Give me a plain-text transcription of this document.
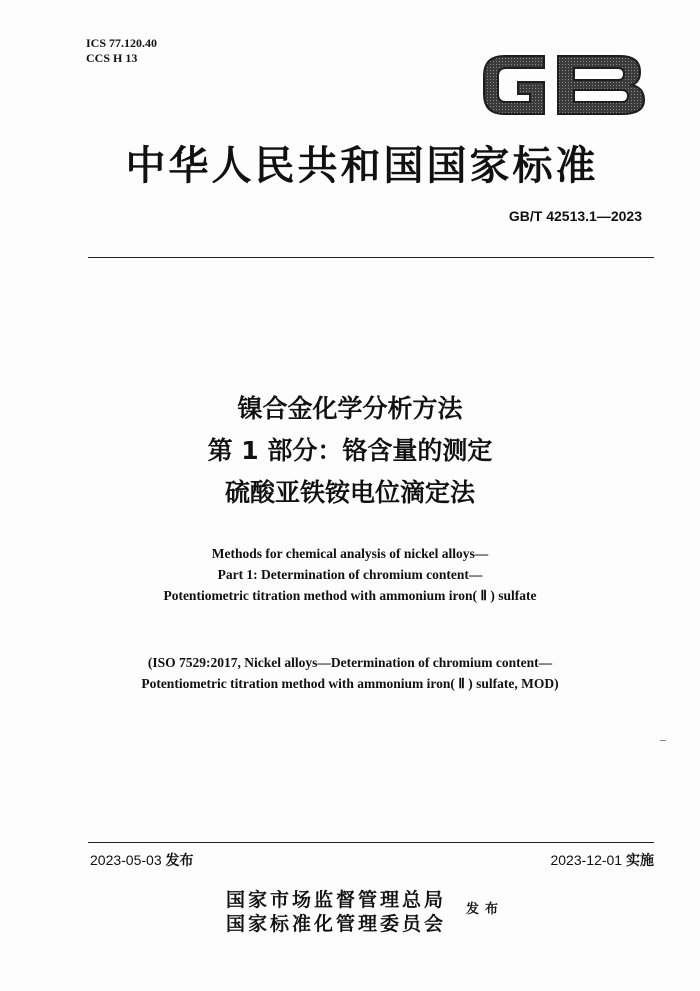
ICS 77.120.40
CCS H 13
GB
中华人民共和国国家标准
GB/T 42513.1—2023
镍合金化学分析方法
第 1 部分：铬含量的测定
硫酸亚铁铵电位滴定法
Methods for chemical analysis of nickel alloys—
Part 1: Determination of chromium content—
Potentiometric titration method with ammonium iron( Ⅱ ) sulfate
(ISO 7529:2017, Nickel alloys—Determination of chromium content—
Potentiometric titration method with ammonium iron( Ⅱ ) sulfate, MOD)
2023-05-03 发布	2023-12-01 实施
国家市场监督管理总局
国家标准化管理委员会
发布
